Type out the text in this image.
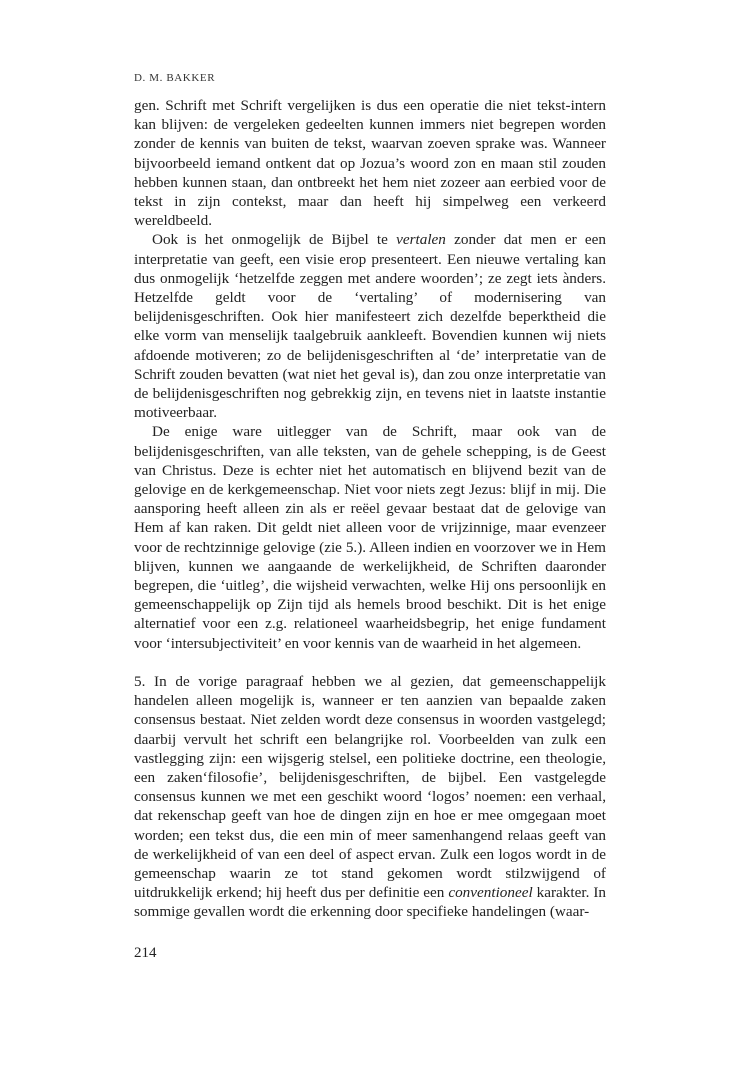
D. M. BAKKER

gen. Schrift met Schrift vergelijken is dus een operatie die niet tekst-intern kan blijven: de vergeleken gedeelten kunnen immers niet begrepen worden zonder de kennis van buiten de tekst, waarvan zoeven sprake was. Wanneer bijvoorbeeld iemand ontkent dat op Jozua’s woord zon en maan stil zouden hebben kunnen staan, dan ontbreekt het hem niet zozeer aan eerbied voor de tekst in zijn contekst, maar dan heeft hij simpelweg een verkeerd wereldbeeld.

Ook is het onmogelijk de Bijbel te vertalen zonder dat men er een interpretatie van geeft, een visie erop presenteert. Een nieuwe vertaling kan dus onmogelijk ‘hetzelfde zeggen met andere woorden’; ze zegt iets ànders. Hetzelfde geldt voor de ‘vertaling’ of modernisering van belijdenisgeschriften. Ook hier manifesteert zich dezelfde beperktheid die elke vorm van menselijk taalgebruik aankleeft. Bovendien kunnen wij niets afdoende motiveren; zo de belijdenisgeschriften al ‘de’ interpretatie van de Schrift zouden bevatten (wat niet het geval is), dan zou onze interpretatie van de belijdenisgeschriften nog gebrekkig zijn, en tevens niet in laatste instantie motiveerbaar.

De enige ware uitlegger van de Schrift, maar ook van de belijdenisgeschriften, van alle teksten, van de gehele schepping, is de Geest van Christus. Deze is echter niet het automatisch en blijvend bezit van de gelovige en de kerkgemeenschap. Niet voor niets zegt Jezus: blijf in mij. Die aansporing heeft alleen zin als er reëel gevaar bestaat dat de gelovige van Hem af kan raken. Dit geldt niet alleen voor de vrijzinnige, maar evenzeer voor de rechtzinnige gelovige (zie 5.). Alleen indien en voorzover we in Hem blijven, kunnen we aangaande de werkelijkheid, de Schriften daaronder begrepen, die ‘uitleg’, die wijsheid verwachten, welke Hij ons persoonlijk en gemeenschappelijk op Zijn tijd als hemels brood beschikt. Dit is het enige alternatief voor een z.g. relationeel waarheidsbegrip, het enige fundament voor ‘intersubjectiviteit’ en voor kennis van de waarheid in het algemeen.

5. In de vorige paragraaf hebben we al gezien, dat gemeenschappelijk handelen alleen mogelijk is, wanneer er ten aanzien van bepaalde zaken consensus bestaat. Niet zelden wordt deze consensus in woorden vastgelegd; daarbij vervult het schrift een belangrijke rol. Voorbeelden van zulk een vastlegging zijn: een wijsgerig stelsel, een politieke doctrine, een theologie, een zaken‘filosofie’, belijdenisgeschriften, de bijbel. Een vastgelegde consensus kunnen we met een geschikt woord ‘logos’ noemen: een verhaal, dat rekenschap geeft van hoe de dingen zijn en hoe er mee omgegaan moet worden; een tekst dus, die een min of meer samenhangend relaas geeft van de werkelijkheid of van een deel of aspect ervan. Zulk een logos wordt in de gemeenschap waarin ze tot stand gekomen wordt stilzwijgend of uitdrukkelijk erkend; hij heeft dus per definitie een conventioneel karakter. In sommige gevallen wordt die erkenning door specifieke handelingen (waar-

214
